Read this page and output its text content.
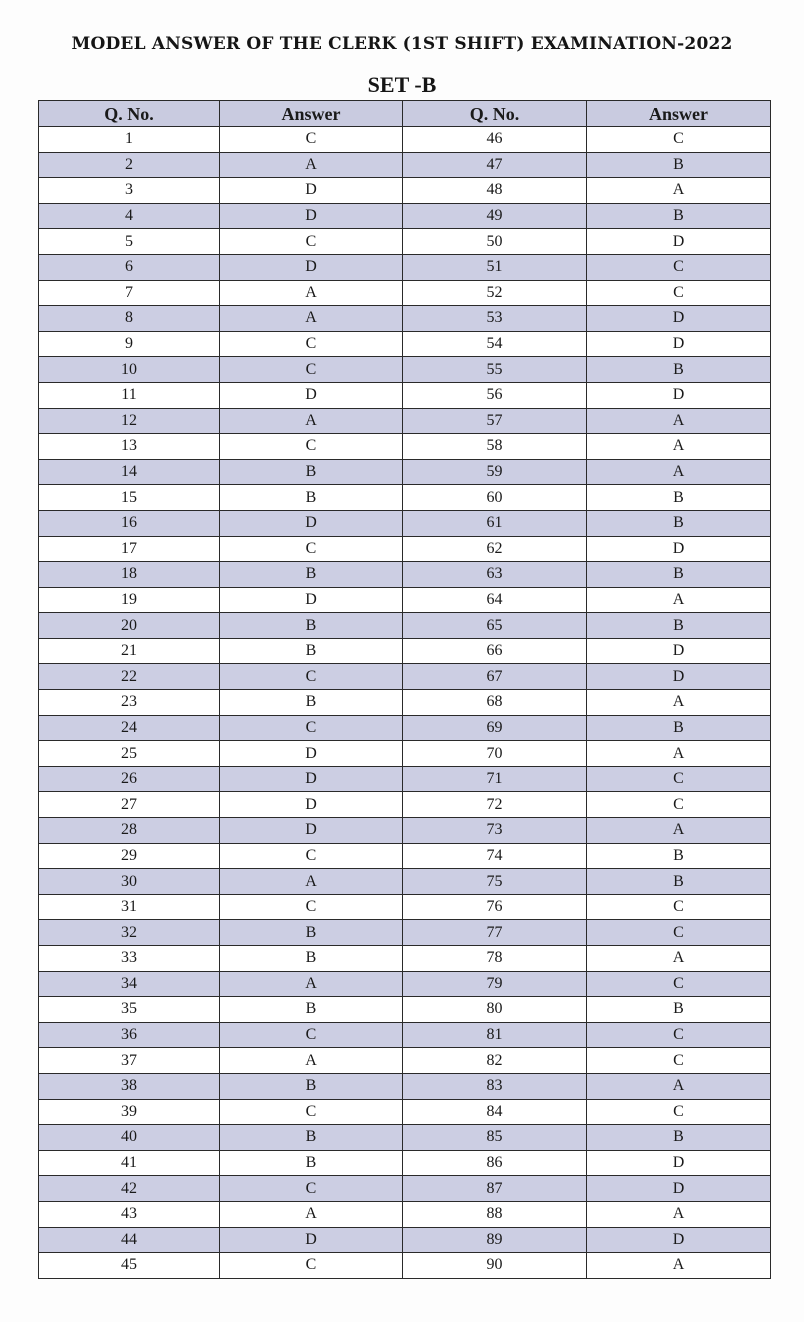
MODEL ANSWER OF THE CLERK (1ST SHIFT) EXAMINATION-2022
SET -B
Q. No.	Answer	Q. No.	Answer
1	C	46	C
2	A	47	B
3	D	48	A
4	D	49	B
5	C	50	D
6	D	51	C
7	A	52	C
8	A	53	D
9	C	54	D
10	C	55	B
11	D	56	D
12	A	57	A
13	C	58	A
14	B	59	A
15	B	60	B
16	D	61	B
17	C	62	D
18	B	63	B
19	D	64	A
20	B	65	B
21	B	66	D
22	C	67	D
23	B	68	A
24	C	69	B
25	D	70	A
26	D	71	C
27	D	72	C
28	D	73	A
29	C	74	B
30	A	75	B
31	C	76	C
32	B	77	C
33	B	78	A
34	A	79	C
35	B	80	B
36	C	81	C
37	A	82	C
38	B	83	A
39	C	84	C
40	B	85	B
41	B	86	D
42	C	87	D
43	A	88	A
44	D	89	D
45	C	90	A
